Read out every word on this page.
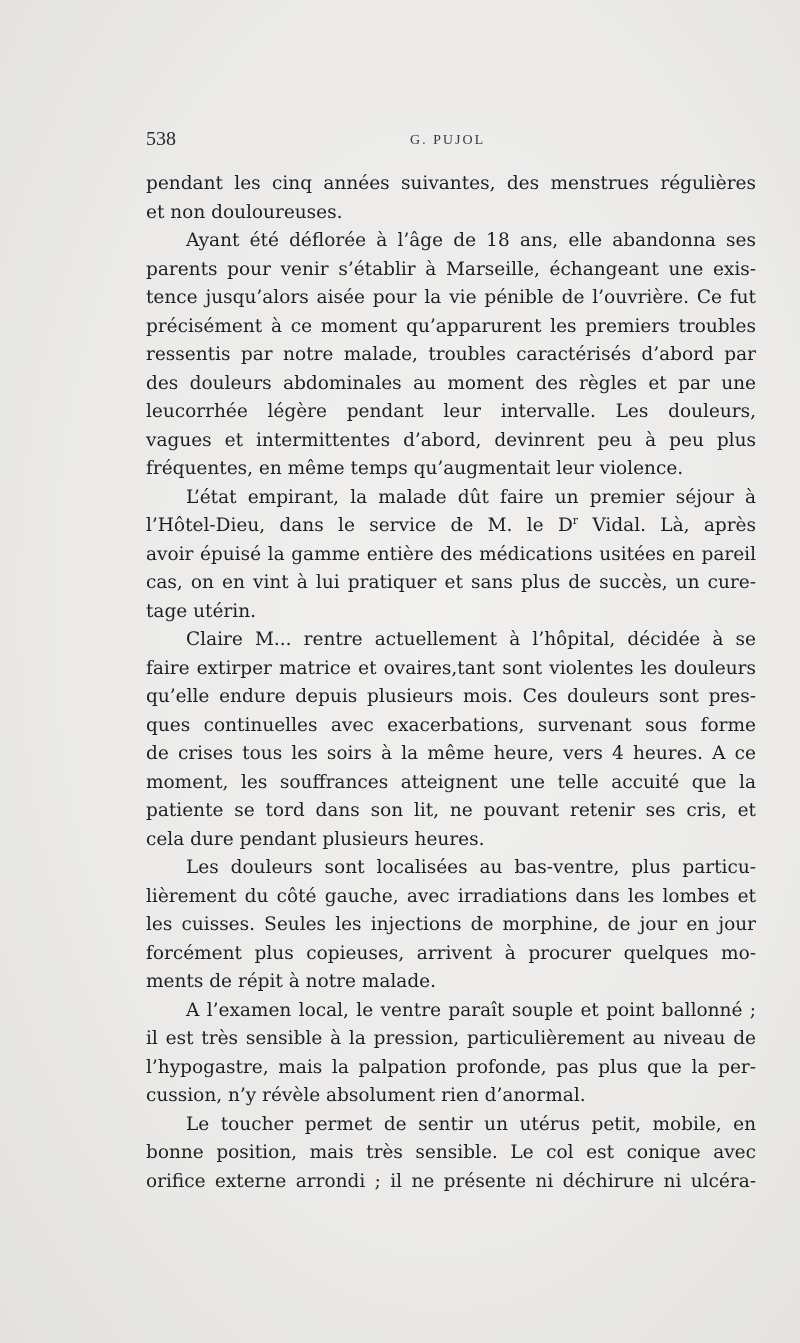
538	G. PUJOL
pendant les cinq années suivantes, des menstrues régulières
et non douloureuses.
Ayant été déflorée à l’âge de 18 ans, elle abandonna ses
parents pour venir s’établir à Marseille, échangeant une exis-
tence jusqu’alors aisée pour la vie pénible de l’ouvrière. Ce fut
précisément à ce moment qu’apparurent les premiers troubles
ressentis par notre malade, troubles caractérisés d’abord par
des douleurs abdominales au moment des règles et par une
leucorrhée légère pendant leur intervalle. Les douleurs,
vagues et intermittentes d’abord, devinrent peu à peu plus
fréquentes, en même temps qu’augmentait leur violence.
L’état empirant, la malade dût faire un premier séjour à
l’Hôtel-Dieu, dans le service de M. le $D^r$ Vidal. Là, après
avoir épuisé la gamme entière des médications usitées en pareil
cas, on en vint à lui pratiquer et sans plus de succès, un cure-
tage utérin.
Claire M... rentre actuellement à l’hôpital, décidée à se
faire extirper matrice et ovaires,tant sont violentes les douleurs
qu’elle endure depuis plusieurs mois. Ces douleurs sont pres-
ques continuelles avec exacerbations, survenant sous forme
de crises tous les soirs à la même heure, vers 4 heures. A ce
moment, les souffrances atteignent une telle accuité que la
patiente se tord dans son lit, ne pouvant retenir ses cris, et
cela dure pendant plusieurs heures.
Les douleurs sont localisées au bas-ventre, plus particu-
lièrement du côté gauche, avec irradiations dans les lombes et
les cuisses. Seules les injections de morphine, de jour en jour
forcément plus copieuses, arrivent à procurer quelques mo-
ments de répit à notre malade.
A l’examen local, le ventre paraît souple et point ballonné ;
il est très sensible à la pression, particulièrement au niveau de
l’hypogastre, mais la palpation profonde, pas plus que la per-
cussion, n’y révèle absolument rien d’anormal.
Le toucher permet de sentir un utérus petit, mobile, en
bonne position, mais très sensible. Le col est conique avec
orifice externe arrondi ; il ne présente ni déchirure ni ulcéra-
